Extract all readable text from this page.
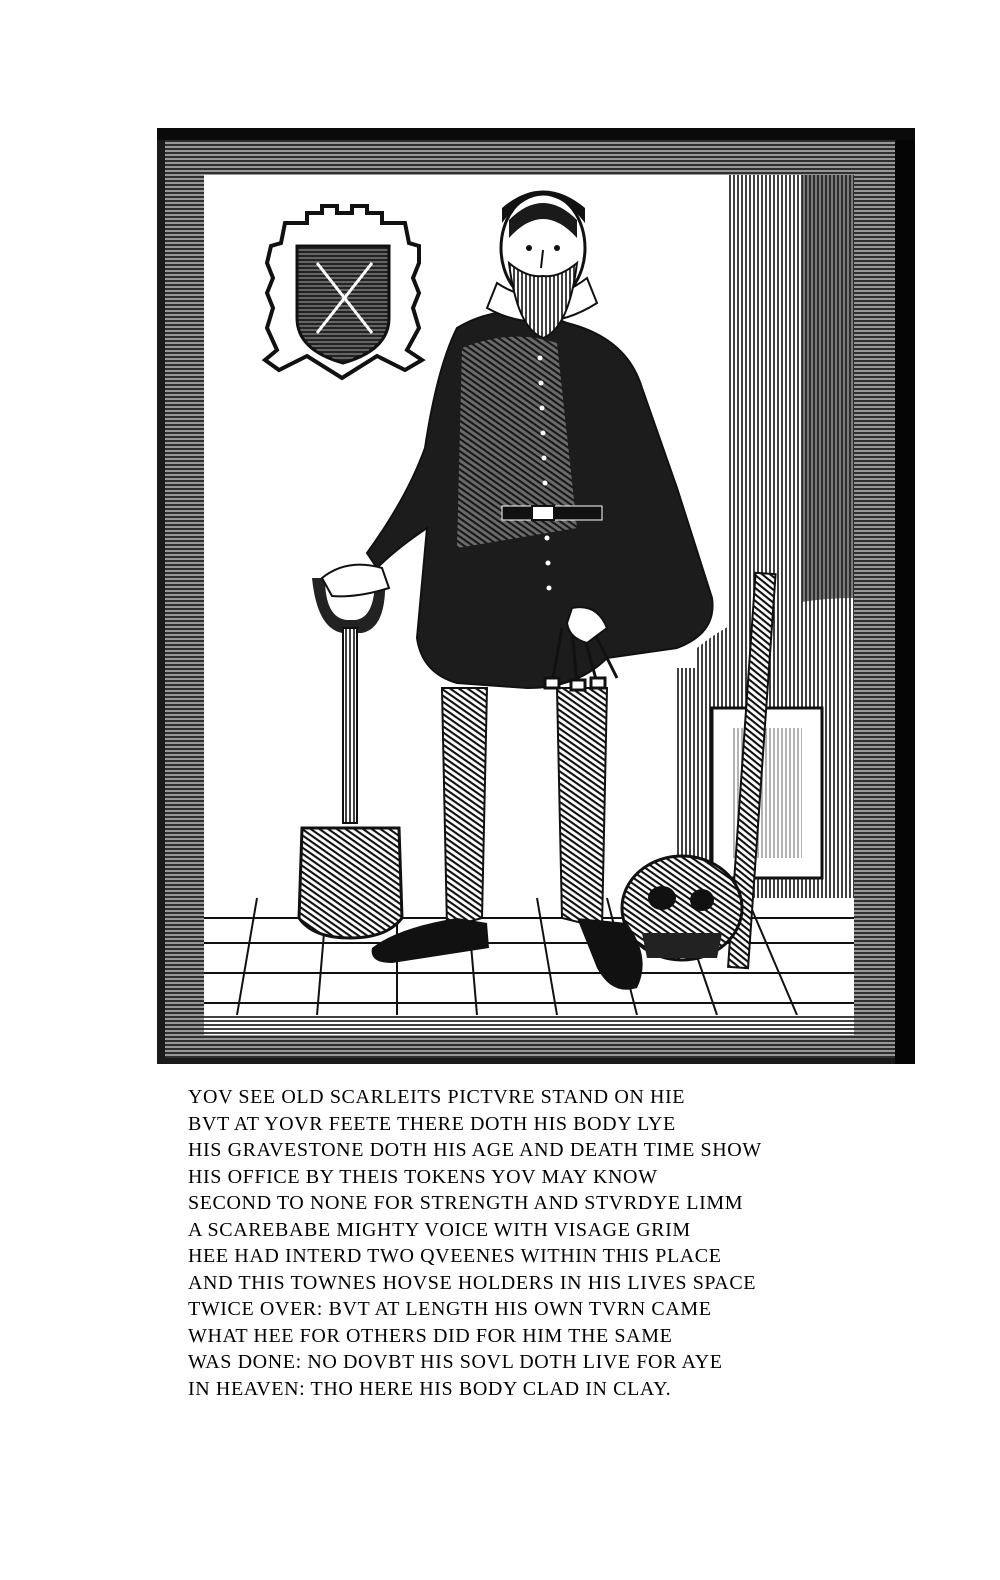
YOV SEE OLD SCARLEITS PICTVRE STAND ON HIE
BVT AT YOVR FEETE THERE DOTH HIS BODY LYE
HIS GRAVESTONE DOTH HIS AGE AND DEATH TIME SHOW
HIS OFFICE BY THEIS TOKENS YOV MAY KNOW
SECOND TO NONE FOR STRENGTH AND STVRDYE LIMM
A SCAREBABE MIGHTY VOICE WITH VISAGE GRIM
HEE HAD INTERD TWO QVEENES WITHIN THIS PLACE
AND THIS TOWNES HOVSE HOLDERS IN HIS LIVES SPACE
TWICE OVER: BVT AT LENGTH HIS OWN TVRN CAME
WHAT HEE FOR OTHERS DID FOR HIM THE SAME
WAS DONE: NO DOVBT HIS SOVL DOTH LIVE FOR AYE
IN HEAVEN: THO HERE HIS BODY CLAD IN CLAY.
